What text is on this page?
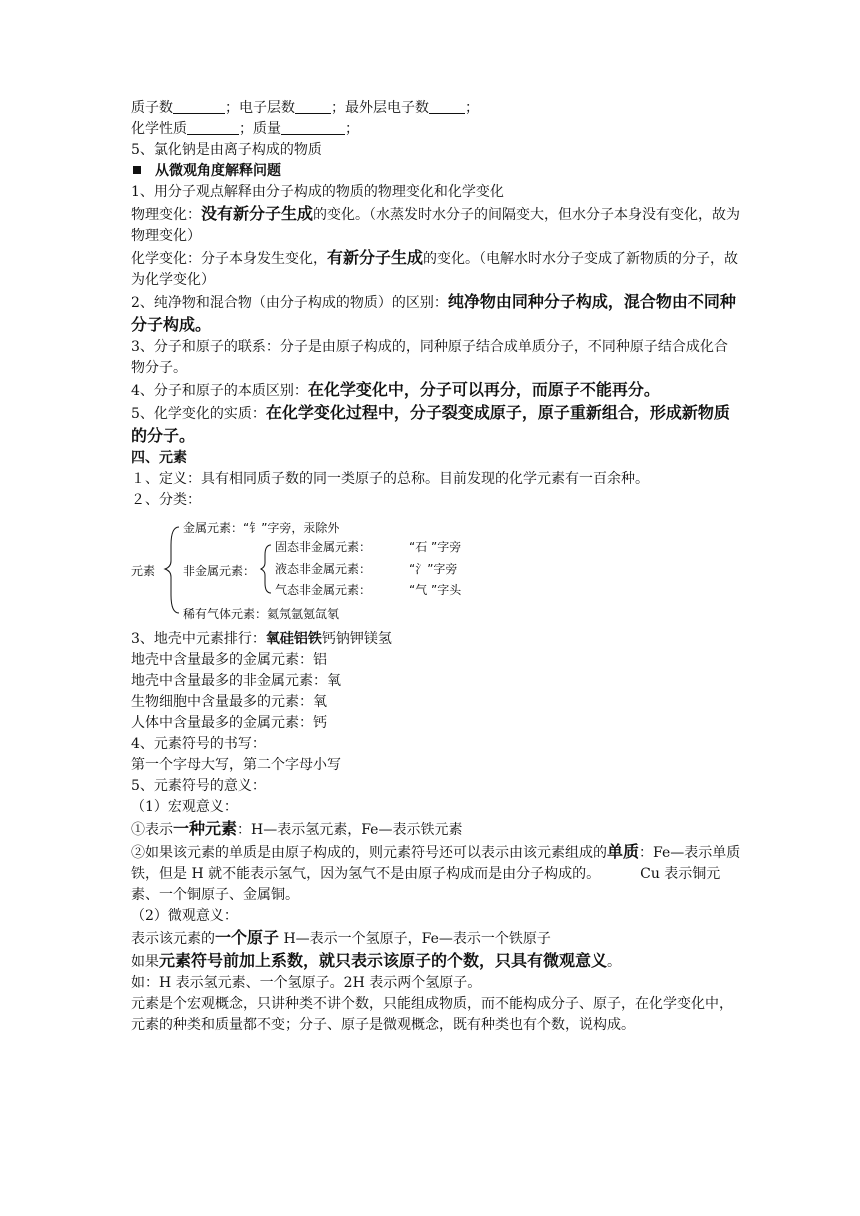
质子数	；电子层数	；最外层电子数	；
化学性质	；质量	；
5、氯化钠是由离子构成的物质
从微观角度解释问题
1、用分子观点解释由分子构成的物质的物理变化和化学变化
物理变化：没有新分子生成的变化。（水蒸发时水分子的间隔变大，但水分子本身没有变化，故为物理变化）
化学变化：分子本身发生变化，有新分子生成的变化。（电解水时水分子变成了新物质的分子，故为化学变化）
2、纯净物和混合物（由分子构成的物质）的区别：纯净物由同种分子构成，混合物由不同种分子构成。
3、分子和原子的联系：分子是由原子构成的，同种原子结合成单质分子，不同种原子结合成化合物分子。
4、分子和原子的本质区别：在化学变化中，分子可以再分，而原子不能再分。
5、化学变化的实质：在化学变化过程中，分子裂变成原子，原子重新组合，形成新物质的分子。
四、元素
１、定义：具有相同质子数的同一类原子的总称。目前发现的化学元素有一百余种。
２、分类：
元素
金属元素：“钅”字旁，汞除外
非金属元素：
固态非金属元素：	“石 ”字旁
液态非金属元素：	“氵”字旁
气态非金属元素：	“气 ”字头
稀有气体元素：氦氖氩氪氙氡
3、地壳中元素排行：氧硅铝铁钙钠钾镁氢
地壳中含量最多的金属元素：铝
地壳中含量最多的非金属元素：氧
生物细胞中含量最多的元素：氧
人体中含量最多的金属元素：钙
4、元素符号的书写：
第一个字母大写，第二个字母小写
5、元素符号的意义：
（1）宏观意义：
①表示一种元素：H—表示氢元素，Fe—表示铁元素
②如果该元素的单质是由原子构成的，则元素符号还可以表示由该元素组成的单质：Fe—表示单质铁，但是 H 就不能表示氢气，因为氢气不是由原子构成而是由分子构成的。	Cu 表示铜元素、一个铜原子、金属铜。
（2）微观意义：
表示该元素的一个原子 H—表示一个氢原子，Fe—表示一个铁原子
如果元素符号前加上系数，就只表示该原子的个数，只具有微观意义。
如：H 表示氢元素、一个氢原子。2H 表示两个氢原子。
元素是个宏观概念，只讲种类不讲个数，只能组成物质，而不能构成分子、原子，在化学变化中，元素的种类和质量都不变；分子、原子是微观概念，既有种类也有个数，说构成。
